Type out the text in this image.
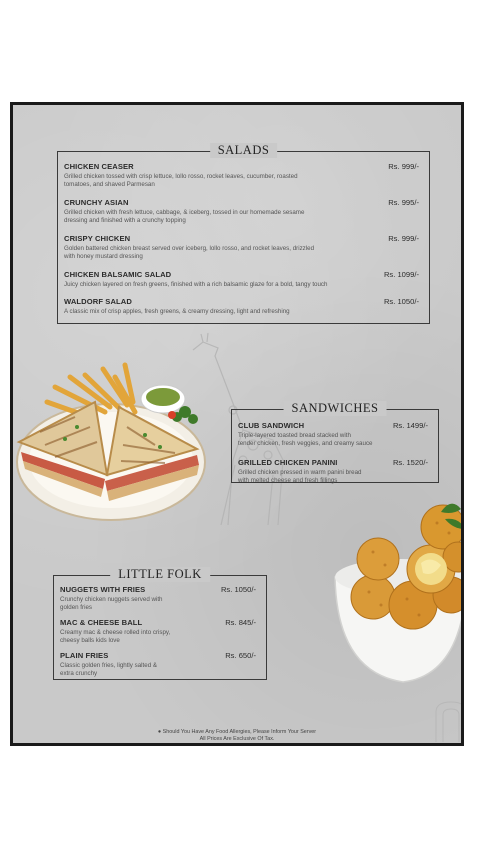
SALADS
CHICKEN CEASER	Rs. 999/-
Grilled chicken tossed with crisp lettuce, lollo rosso, rocket leaves, cucumber, roasted
tomatoes, and shaved Parmesan
CRUNCHY ASIAN	Rs. 995/-
Grilled chicken with fresh lettuce, cabbage, & iceberg, tossed in our homemade sesame
dressing and finished with a crunchy topping
CRISPY CHICKEN	Rs. 999/-
Golden battered chicken breast served over iceberg, lollo rosso, and rocket leaves, drizzled
with honey mustard dressing
CHICKEN BALSAMIC SALAD	Rs. 1099/-
Juicy chicken layered on fresh greens, finished with a rich balsamic glaze for a bold, tangy touch
WALDORF SALAD	Rs. 1050/-
A classic mix of crisp apples, fresh greens, & creamy dressing, light and refreshing
SANDWICHES
CLUB SANDWICH	Rs. 1499/-
Triple-layered toasted bread stacked with
tender chicken, fresh veggies, and creamy sauce
GRILLED CHICKEN PANINI	Rs. 1520/-
Grilled chicken pressed in warm panini bread
with melted cheese and fresh fillings
LITTLE FOLK
NUGGETS WITH FRIES	Rs. 1050/-
Crunchy chicken nuggets served with
golden fries
MAC & CHEESE BALL	Rs. 845/-
Creamy mac & cheese rolled into crispy,
cheesy balls kids love
PLAIN FRIES	Rs. 650/-
Classic golden fries, lightly salted &
extra crunchy
● Should You Have Any Food Allergies, Please Inform Your Server
All Prices Are Exclusive Of Tax.
